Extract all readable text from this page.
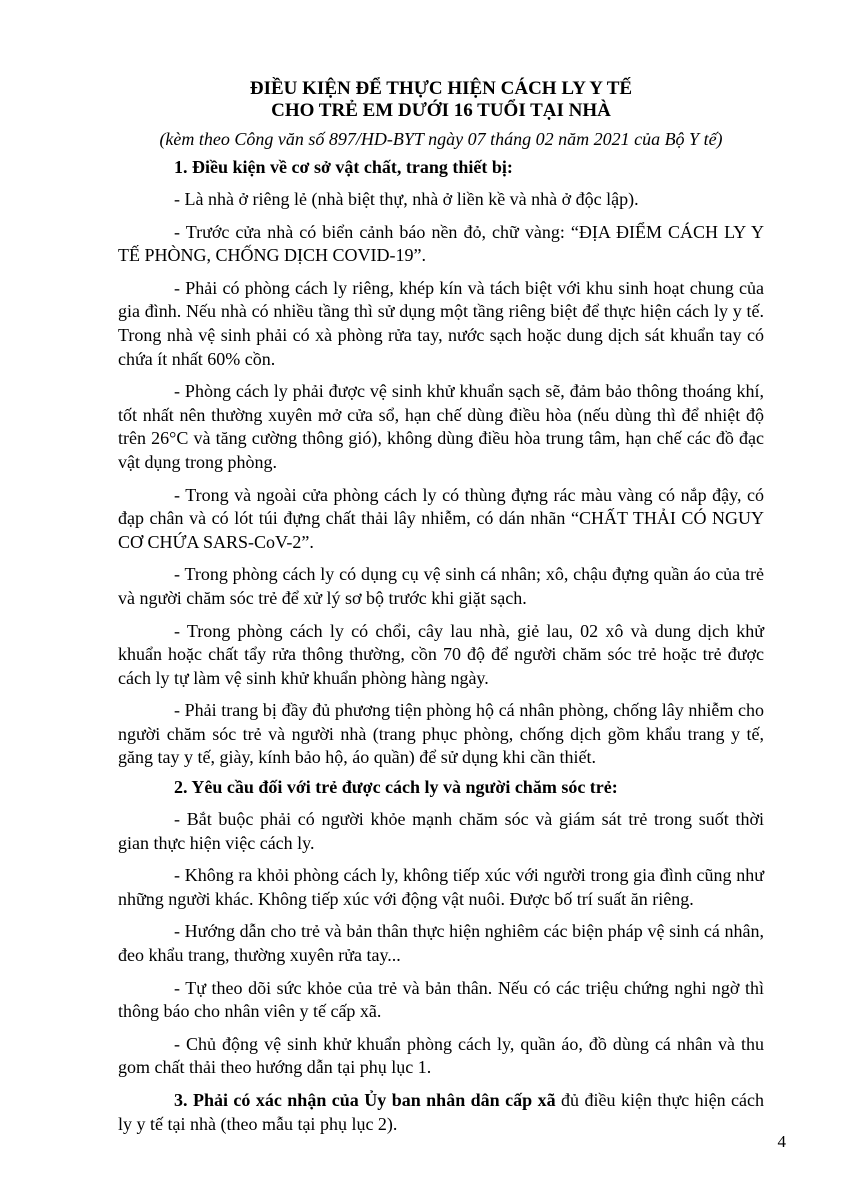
ĐIỀU KIỆN ĐỂ THỰC HIỆN CÁCH LY Y TẾ

CHO TRẺ EM DƯỚI 16 TUỔI TẠI NHÀ

(kèm theo Công văn số 897/HD-BYT ngày 07 tháng 02 năm 2021 của Bộ Y tế)

1. Điều kiện về cơ sở vật chất, trang thiết bị:

- Là nhà ở riêng lẻ (nhà biệt thự, nhà ở liền kề và nhà ở độc lập).

- Trước cửa nhà có biển cảnh báo nền đỏ, chữ vàng: “ĐỊA ĐIỂM CÁCH LY Y TẾ PHÒNG, CHỐNG DỊCH COVID-19”.

- Phải có phòng cách ly riêng, khép kín và tách biệt với khu sinh hoạt chung của gia đình. Nếu nhà có nhiều tầng thì sử dụng một tầng riêng biệt để thực hiện cách ly y tế. Trong nhà vệ sinh phải có xà phòng rửa tay, nước sạch hoặc dung dịch sát khuẩn tay có chứa ít nhất 60% cồn.

- Phòng cách ly phải được vệ sinh khử khuẩn sạch sẽ, đảm bảo thông thoáng khí, tốt nhất nên thường xuyên mở cửa sổ, hạn chế dùng điều hòa (nếu dùng thì để nhiệt độ trên 26°C và tăng cường thông gió), không dùng điều hòa trung tâm, hạn chế các đồ đạc vật dụng trong phòng.

- Trong và ngoài cửa phòng cách ly có thùng đựng rác màu vàng có nắp đậy, có đạp chân và có lót túi đựng chất thải lây nhiễm, có dán nhãn “CHẤT THẢI CÓ NGUY CƠ CHỨA SARS-CoV-2”.

- Trong phòng cách ly có dụng cụ vệ sinh cá nhân; xô, chậu đựng quần áo của trẻ và người chăm sóc trẻ để xử lý sơ bộ trước khi giặt sạch.

- Trong phòng cách ly có chổi, cây lau nhà, giẻ lau, 02 xô và dung dịch khử khuẩn hoặc chất tẩy rửa thông thường, cồn 70 độ để người chăm sóc trẻ hoặc trẻ được cách ly tự làm vệ sinh khử khuẩn phòng hàng ngày.

- Phải trang bị đầy đủ phương tiện phòng hộ cá nhân phòng, chống lây nhiễm cho người chăm sóc trẻ và người nhà (trang phục phòng, chống dịch gồm khẩu trang y tế, găng tay y tế, giày, kính bảo hộ, áo quần) để sử dụng khi cần thiết.

2. Yêu cầu đối với trẻ được cách ly và người chăm sóc trẻ:

- Bắt buộc phải có người khỏe mạnh chăm sóc và giám sát trẻ trong suốt thời gian thực hiện việc cách ly.

- Không ra khỏi phòng cách ly, không tiếp xúc với người trong gia đình cũng như những người khác. Không tiếp xúc với động vật nuôi. Được bố trí suất ăn riêng.

- Hướng dẫn cho trẻ và bản thân thực hiện nghiêm các biện pháp vệ sinh cá nhân, đeo khẩu trang, thường xuyên rửa tay...

- Tự theo dõi sức khỏe của trẻ và bản thân. Nếu có các triệu chứng nghi ngờ thì thông báo cho nhân viên y tế cấp xã.

- Chủ động vệ sinh khử khuẩn phòng cách ly, quần áo, đồ dùng cá nhân và thu gom chất thải theo hướng dẫn tại phụ lục 1.

3. Phải có xác nhận của Ủy ban nhân dân cấp xã đủ điều kiện thực hiện cách ly y tế tại nhà (theo mẫu tại phụ lục 2).

4
